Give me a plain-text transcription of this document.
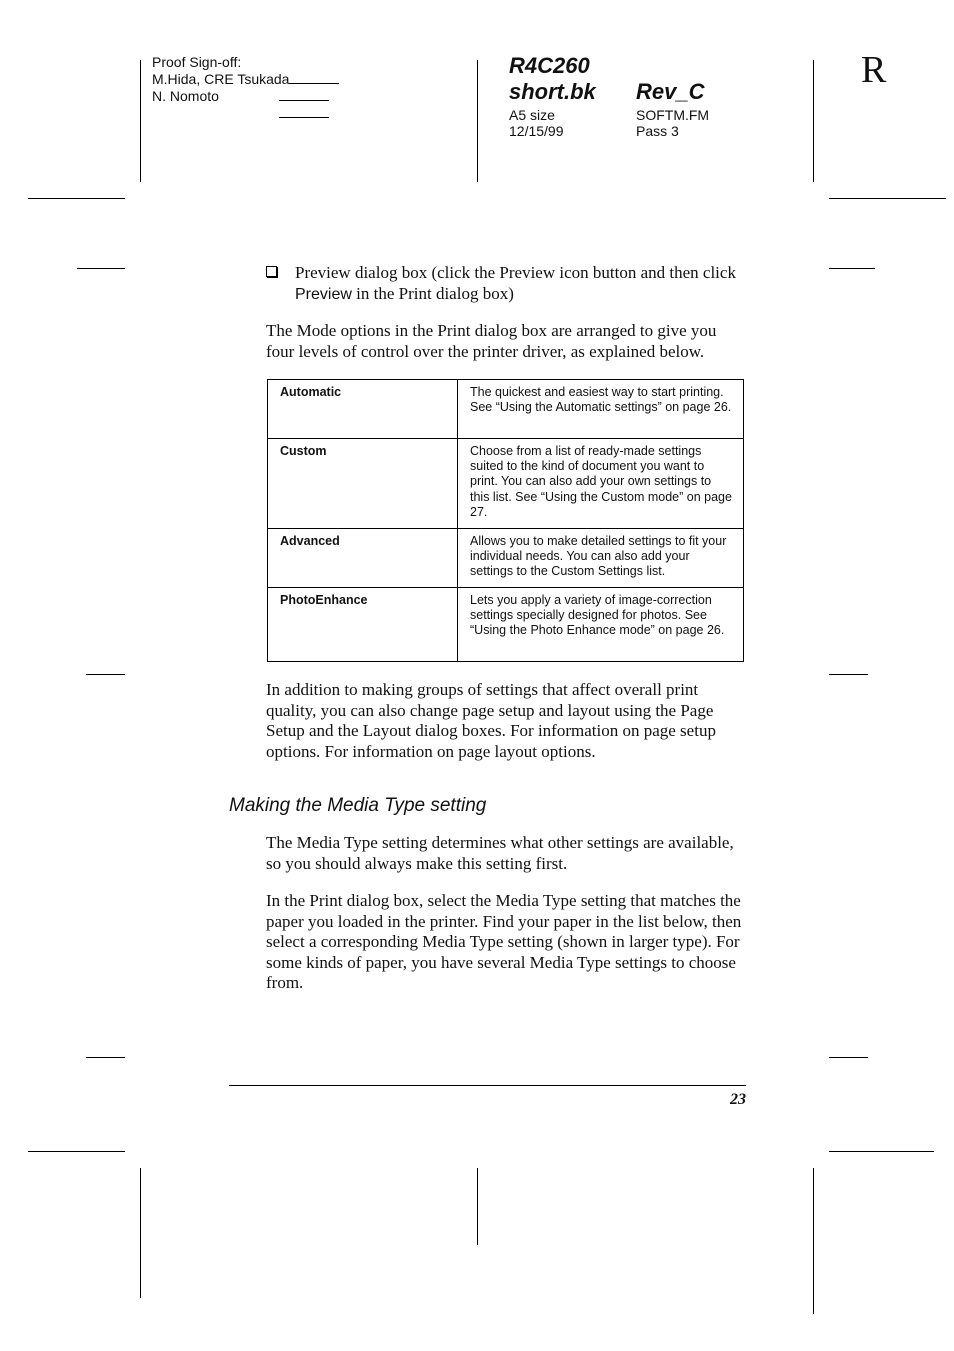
Proof Sign-off:
M.Hida, CRE Tsukada
N. Nomoto
R4C260
short.bk Rev_C
A5 size
12/15/99
SOFTM.FM
Pass 3
R
Preview dialog box (click the Preview icon button and then click Preview in the Print dialog box)
The Mode options in the Print dialog box are arranged to give you four levels of control over the printer driver, as explained below.
Automatic	The quickest and easiest way to start printing. See “Using the Automatic settings” on page 26.
Custom	Choose from a list of ready-made settings suited to the kind of document you want to print. You can also add your own settings to this list. See “Using the Custom mode” on page 27.
Advanced	Allows you to make detailed settings to fit your individual needs. You can also add your settings to the Custom Settings list.
PhotoEnhance	Lets you apply a variety of image-correction settings specially designed for photos. See “Using the Photo Enhance mode” on page 26.
In addition to making groups of settings that affect overall print quality, you can also change page setup and layout using the Page Setup and the Layout dialog boxes. For information on page setup options. For information on page layout options.
Making the Media Type setting
The Media Type setting determines what other settings are available, so you should always make this setting first.
In the Print dialog box, select the Media Type setting that matches the paper you loaded in the printer. Find your paper in the list below, then select a corresponding Media Type setting (shown in larger type). For some kinds of paper, you have several Media Type settings to choose from.
23
